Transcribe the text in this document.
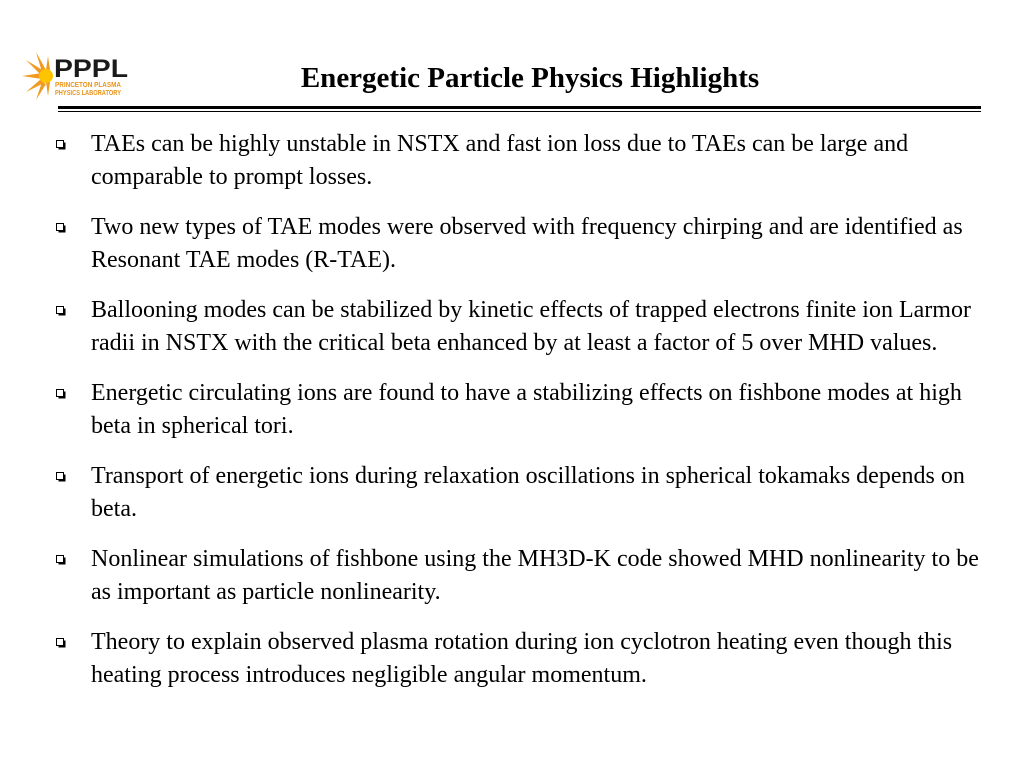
PPPL
PRINCETON PLASMA
PHYSICS LABORATORY	Energetic Particle Physics Highlights
TAEs can be highly unstable in NSTX and fast ion loss due to TAEs can be large and comparable to prompt losses.
Two new types of TAE modes were observed with frequency chirping and are identified as Resonant TAE modes (R-TAE).
Ballooning modes can be stabilized by kinetic effects of trapped electrons finite ion Larmor radii in NSTX with the critical beta enhanced by at least a factor of 5 over MHD values.
Energetic circulating ions are found to have a stabilizing effects on fishbone modes at high beta in spherical tori.
Transport of energetic ions during relaxation oscillations in spherical tokamaks depends on beta.
Nonlinear simulations of fishbone using the MH3D-K code showed MHD nonlinearity to be as important as particle nonlinearity.
Theory to explain observed plasma rotation during ion cyclotron heating even though this heating process introduces negligible angular momentum.
